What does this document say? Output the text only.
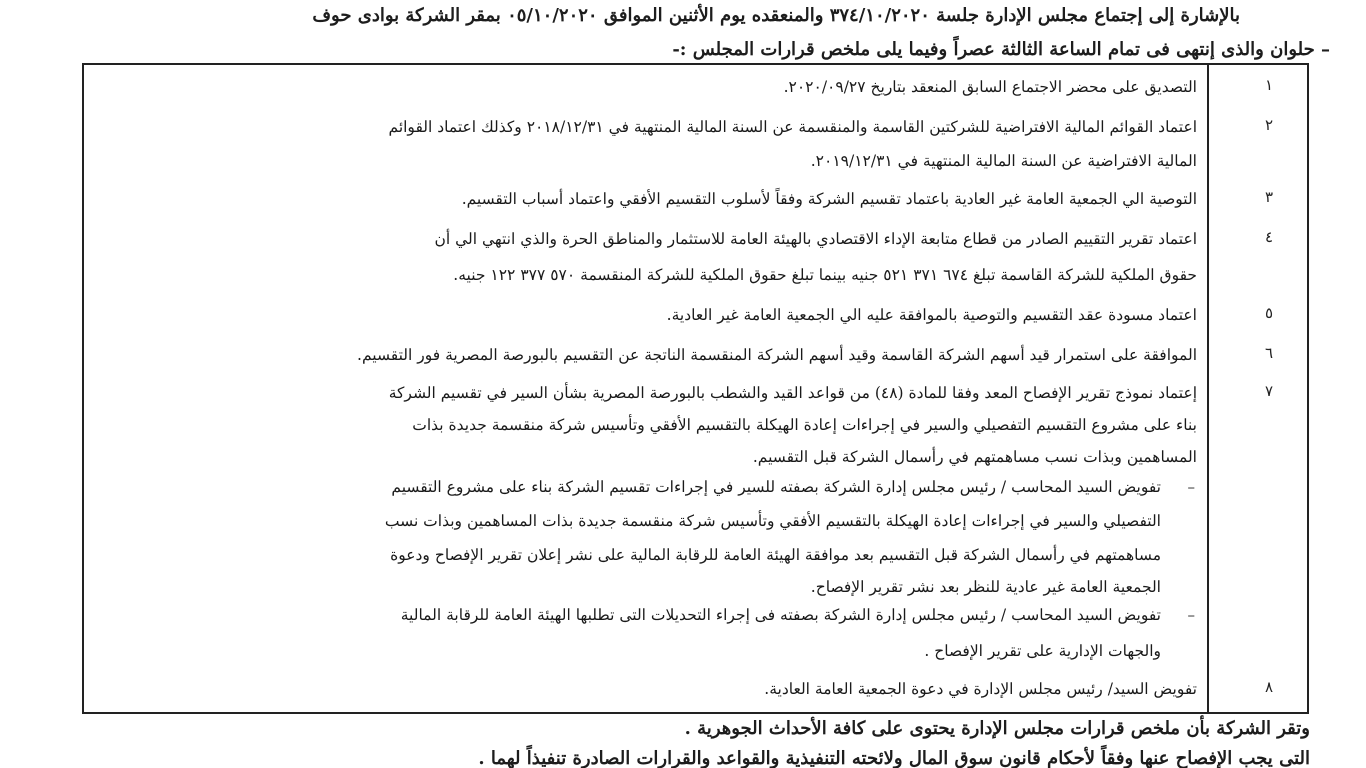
بالإشارة إلى إجتماع مجلس الإدارة جلسة ٣٧٤/١٠/٢٠٢٠ والمنعقده يوم الأثنين الموافق ٠٥/١٠/٢٠٢٠ بمقر الشركة بوادى حوف
– حلوان والذى إنتهى فى تمام الساعة الثالثة عصراً وفيما يلى ملخص قرارات المجلس :-
١
التصديق على محضر الاجتماع السابق المنعقد بتاريخ ٢٠٢٠/٠٩/٢٧.
٢
اعتماد القوائم المالية الافتراضية للشركتين القاسمة والمنقسمة عن السنة المالية المنتهية في ٢٠١٨/١٢/٣١ وكذلك اعتماد القوائم
المالية الافتراضية عن السنة المالية المنتهية في ٢٠١٩/١٢/٣١.
٣
التوصية الي الجمعية العامة غير العادية باعتماد تقسيم الشركة وفقاً لأسلوب التقسيم الأفقي واعتماد أسباب التقسيم.
٤
اعتماد تقرير التقييم الصادر من قطاع متابعة الإداء الاقتصادي بالهيئة العامة للاستثمار والمناطق الحرة والذي انتهي الي أن
حقوق الملكية للشركة القاسمة تبلغ ٦٧٤ ٣٧١ ٥٢١ جنيه بينما تبلغ حقوق الملكية للشركة المنقسمة ٥٧٠ ٣٧٧ ١٢٢ جنيه.
٥
اعتماد مسودة عقد التقسيم والتوصية بالموافقة عليه الي الجمعية العامة غير العادية.
٦
الموافقة على استمرار قيد أسهم الشركة القاسمة وقيد أسهم الشركة المنقسمة الناتجة عن التقسيم بالبورصة المصرية فور التقسيم.
٧
إعتماد نموذج تقرير الإفصاح المعد وفقا للمادة (٤٨) من قواعد القيد والشطب بالبورصة المصرية بشأن السير في تقسيم الشركة
بناء على مشروع التقسيم التفصيلي والسير في إجراءات إعادة الهيكلة بالتقسيم الأفقي وتأسيس شركة منقسمة جديدة بذات
المساهمين وبذات نسب مساهمتهم في رأسمال الشركة قبل التقسيم.
–
تفويض السيد المحاسب / رئيس مجلس إدارة الشركة بصفته للسير في إجراءات تقسيم الشركة بناء على مشروع التقسيم
التفصيلي والسير في إجراءات إعادة الهيكلة بالتقسيم الأفقي وتأسيس شركة منقسمة جديدة بذات المساهمين وبذات نسب
مساهمتهم في رأسمال الشركة قبل التقسيم بعد موافقة الهيئة العامة للرقابة المالية على نشر إعلان تقرير الإفصاح ودعوة
الجمعية العامة غير عادية للنظر بعد نشر تقرير الإفصاح.
–
تفويض السيد المحاسب / رئيس مجلس إدارة الشركة بصفته فى إجراء التحديلات التى تطلبها الهيئة العامة للرقابة المالية
والجهات الإدارية على تقرير الإفصاح .
٨
تفويض السيد/ رئيس مجلس الإدارة في دعوة الجمعية العامة العادية.
وتقر الشركة بأن ملخص قرارات مجلس الإدارة يحتوى على كافة الأحداث الجوهرية .
التى يجب الإفصاح عنها وفقاً لأحكام قانون سوق المال ولائحته التنفيذية والقواعد والقرارات الصادرة تنفيذاً لهما .
